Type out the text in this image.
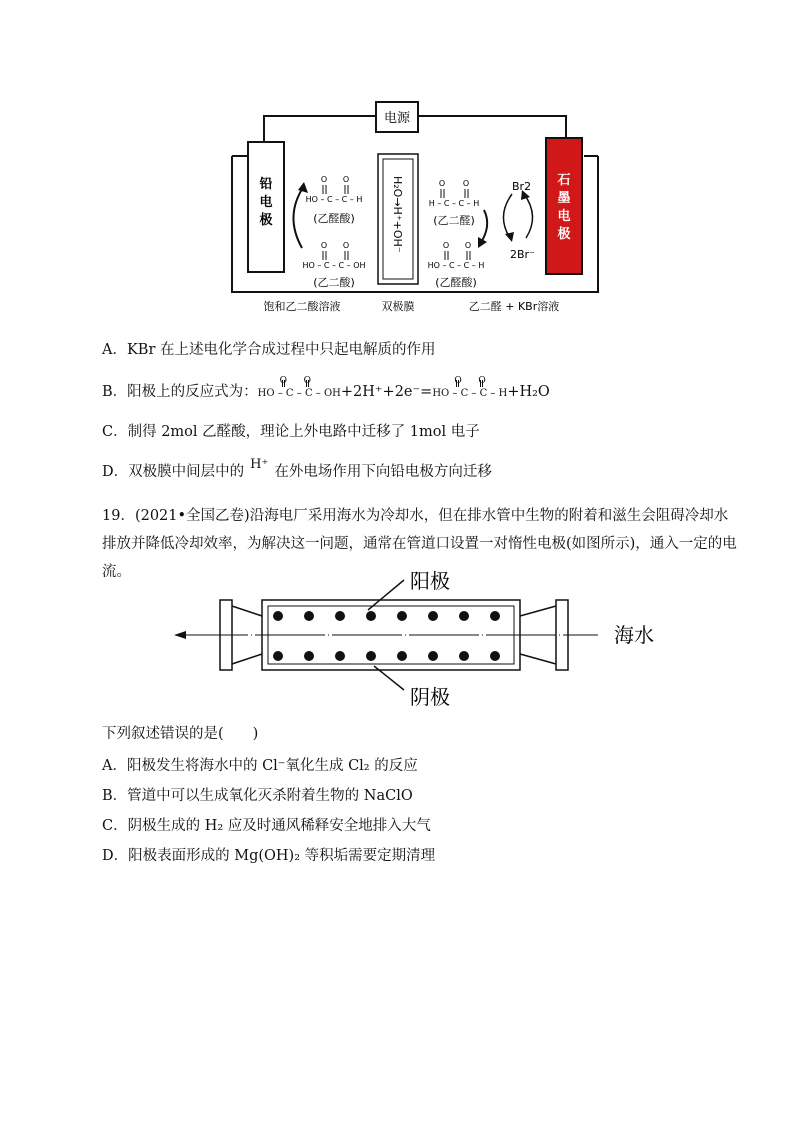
电源
铅
电
极
石
墨
电
极
H₂O→H⁺+OH⁻
O O
HO – C – C – H
(乙醛酸)
O O
HO – C – C – OH
(乙二酸)
O O
H – C – C – H
(乙二醛)
O O
HO – C – C – H
(乙醛酸)
Br2
2Br⁻
饱和乙二酸溶液	双极膜	乙二醛 + KBr溶液
A．KBr 在上述电化学合成过程中只起电解质的作用
B．阳极上的反应式为：
O O
HO – C – C – OH+2H⁺+2e⁻=
O O
HO – C – C – H+H₂O
C．制得 2mol 乙醛酸，理论上外电路中迁移了 1mol 电子
D．双极膜中间层中的 H⁺ 在外电场作用下向铅电极方向迁移
19．(2021•全国乙卷)沿海电厂采用海水为冷却水，但在排水管中生物的附着和滋生会阻碍冷却水排放并降低冷却效率，为解决这一问题，通常在管道口设置一对惰性电极(如图所示)，通入一定的电流。	阳极
阴极
海水
下列叙述错误的是(　　)
A．阳极发生将海水中的 Cl⁻氧化生成 Cl₂ 的反应
B．管道中可以生成氧化灭杀附着生物的 NaClO
C．阴极生成的 H₂ 应及时通风稀释安全地排入大气
D．阳极表面形成的 Mg(OH)₂ 等积垢需要定期清理
